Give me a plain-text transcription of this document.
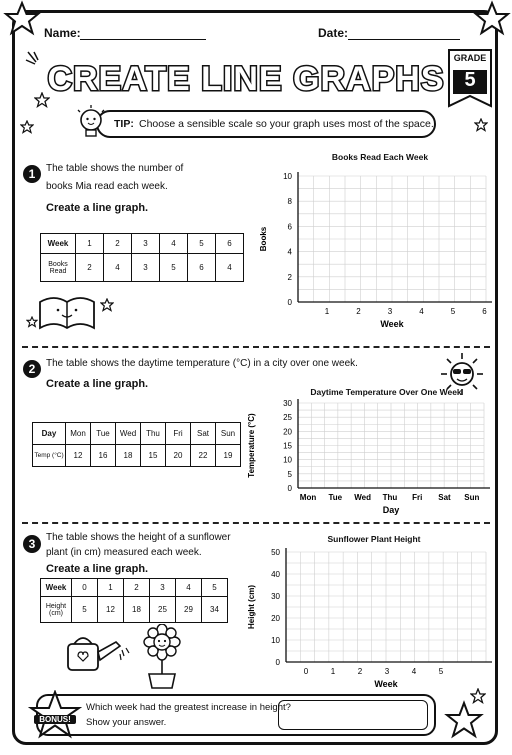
Name:	Date:
CREATE LINE GRAPHS
GRADE
5
TIP: Choose a sensible scale so your graph uses most of the space.
1	The table shows the number of
books Mia read each week.
Create a line graph.
Week	1	2	3	4	5	6
Books Read	2	4	3	5	6	4
Books Read Each Week
10
8
6
4
2
0
1	2	3	4	5	6
Week
Books
2	The table shows the daytime temperature (°C) in a city over one week.
Create a line graph.
Day	Mon	Tue	Wed	Thu	Fri	Sat	Sun
Temp (°C)	12	16	18	15	20	22	19
Daytime Temperature Over One Week
30
25
20
15
10
5
0
Mon Tue Wed Thu Fri Sat Sun
Day
Temperature (°C)
3	The table shows the height of a sunflower
plant (in cm) measured each week.
Create a line graph.
Week	0	1	2	3	4	5
Height (cm)	5	12	18	25	29	34
Sunflower Plant Height
50
40
30
20
10
0
0	1	2	3	4	5
Week
Height (cm)
BONUS!
Which week had the greatest increase in height?
Show your answer.
